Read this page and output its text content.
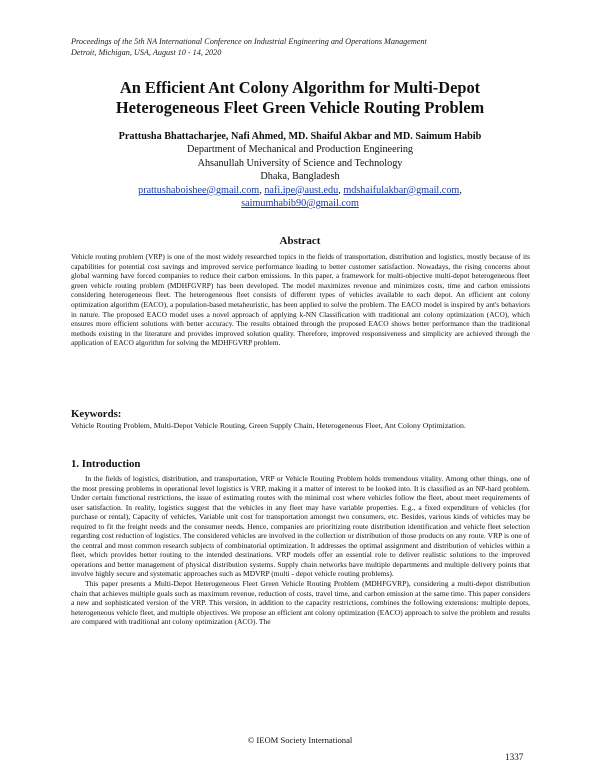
Proceedings of the 5th NA International Conference on Industrial Engineering and Operations Management
Detroit, Michigan, USA, August 10 - 14, 2020
An Efficient Ant Colony Algorithm for Multi-Depot
Heterogeneous Fleet Green Vehicle Routing Problem
Prattusha Bhattacharjee, Nafi Ahmed, MD. Shaiful Akbar and MD. Saimum Habib
Department of Mechanical and Production Engineering
Ahsanullah University of Science and Technology
Dhaka, Bangladesh
prattushaboishee@gmail.com, nafi.ipe@aust.edu, mdshaifulakbar@gmail.com,
saimumhabib90@gmail.com
Abstract
Vehicle routing problem (VRP) is one of the most widely researched topics in the fields of transportation, distribution and logistics, mostly because of its capabilities for potential cost savings and improved service performance leading to better customer satisfaction. Nowadays, the rising concerns about global warming have forced companies to reduce their carbon emissions. In this paper, a framework for multi-objective multi-depot heterogeneous fleet green vehicle routing problem (MDHFGVRP) has been developed. The model maximizes revenue and minimizes costs, time and carbon emissions considering heterogeneous fleet. The heterogeneous fleet consists of different types of vehicles available to each depot. An efficient ant colony optimization algorithm (EACO), a population-based metaheuristic, has been applied to solve the problem. The EACO model is inspired by ant's behaviors in nature. The proposed EACO model uses a novel approach of applying k-NN Classification with traditional ant colony optimization (ACO), which ensures more efficient solutions with better accuracy. The results obtained through the proposed EACO shows better performance than the traditional methods existing in the literature and provides improved solution quality. Therefore, improved responsiveness and simplicity are achieved through the application of EACO algorithm for solving the MDHFGVRP problem.
Keywords:
Vehicle Routing Problem, Multi-Depot Vehicle Routing, Green Supply Chain, Heterogeneous Fleet, Ant Colony Optimization.
1. Introduction

In the fields of logistics, distribution, and transportation, VRP or Vehicle Routing Problem holds tremendous vitality. Among other things, one of the most pressing problems in operational level logistics is VRP, making it a matter of interest to be looked into. It is classified as an NP-hard problem. Under certain functional restrictions, the issue of estimating routes with the minimal cost where vehicles follow the fleet, about meet requirements of user satisfaction. In reality, logistics suggest that the vehicles in any fleet may have variable properties. E.g., a fixed expenditure of vehicles (for purchase or rental), Capacity of vehicles, Variable unit cost for transportation amongst two consumers, etc. Besides, various kinds of vehicles may be required to fit the freight needs and the consumer needs. Hence, companies are prioritizing route distribution identification and vehicle fleet selection regarding cost reduction of logistics. The considered vehicles are involved in the collection or distribution of those products on any route. VRP is one of the central and most common research subjects of combinatorial optimization. It addresses the optimal assignment and distribution of vehicles within a fleet, which provides better routing to the intended destinations. VRP models offer an essential role to deliver realistic solutions to the improved operations and better management of physical distribution systems. Supply chain networks have multiple departments and multiple delivery points that involve highly secure and systematic approaches such as MDVRP (multi - depot vehicle routing problems).

This paper presents a Multi-Depot Heterogeneous Fleet Green Vehicle Routing Problem (MDHFGVRP), considering a multi-depot distribution chain that achieves multiple goals such as maximum revenue, reduction of costs, travel time, and carbon emission at the same time. This paper considers a new and sophisticated version of the VRP. This version, in addition to the capacity restrictions, combines the following extensions: multiple depots, heterogeneous vehicle fleet, and multiple objectives. We propose an efficient ant colony optimization (EACO) approach to solve the problem and results are compared with traditional ant colony optimization (ACO). The

© IEOM Society International
1337
